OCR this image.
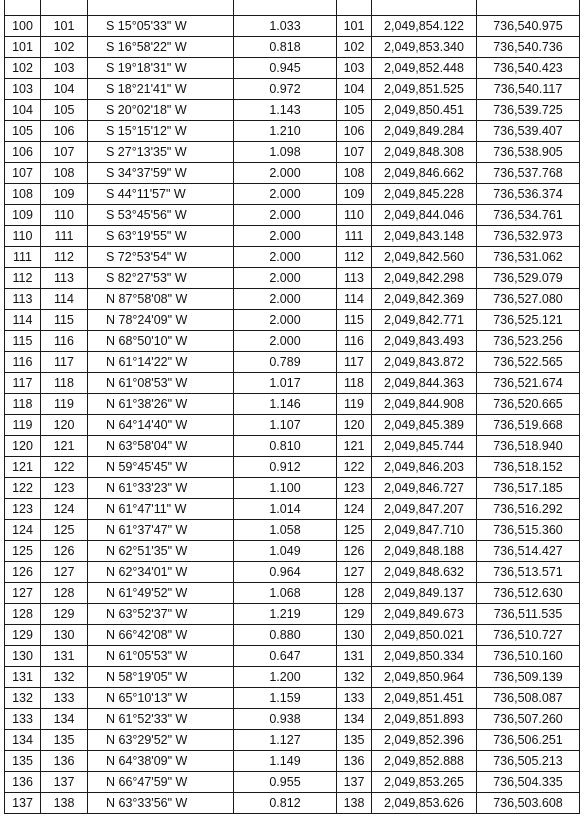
100	101	S 15°05'33" W	1.033	101	2,049,854.122	736,540.975
101	102	S 16°58'22" W	0.818	102	2,049,853.340	736,540.736
102	103	S 19°18'31" W	0.945	103	2,049,852.448	736,540.423
103	104	S 18°21'41" W	0.972	104	2,049,851.525	736,540.117
104	105	S 20°02'18" W	1.143	105	2,049,850.451	736,539.725
105	106	S 15°15'12" W	1.210	106	2,049,849.284	736,539.407
106	107	S 27°13'35" W	1.098	107	2,049,848.308	736,538.905
107	108	S 34°37'59" W	2.000	108	2,049,846.662	736,537.768
108	109	S 44°11'57" W	2.000	109	2,049,845.228	736,536.374
109	110	S 53°45'56" W	2.000	110	2,049,844.046	736,534.761
110	111	S 63°19'55" W	2.000	111	2,049,843.148	736,532.973
111	112	S 72°53'54" W	2.000	112	2,049,842.560	736,531.062
112	113	S 82°27'53" W	2.000	113	2,049,842.298	736,529.079
113	114	N 87°58'08" W	2.000	114	2,049,842.369	736,527.080
114	115	N 78°24'09" W	2.000	115	2,049,842.771	736,525.121
115	116	N 68°50'10" W	2.000	116	2,049,843.493	736,523.256
116	117	N 61°14'22" W	0.789	117	2,049,843.872	736,522.565
117	118	N 61°08'53" W	1.017	118	2,049,844.363	736,521.674
118	119	N 61°38'26" W	1.146	119	2,049,844.908	736,520.665
119	120	N 64°14'40" W	1.107	120	2,049,845.389	736,519.668
120	121	N 63°58'04" W	0.810	121	2,049,845.744	736,518.940
121	122	N 59°45'45" W	0.912	122	2,049,846.203	736,518.152
122	123	N 61°33'23" W	1.100	123	2,049,846.727	736,517.185
123	124	N 61°47'11" W	1.014	124	2,049,847.207	736,516.292
124	125	N 61°37'47" W	1.058	125	2,049,847.710	736,515.360
125	126	N 62°51'35" W	1.049	126	2,049,848.188	736,514.427
126	127	N 62°34'01" W	0.964	127	2,049,848.632	736,513.571
127	128	N 61°49'52" W	1.068	128	2,049,849.137	736,512.630
128	129	N 63°52'37" W	1.219	129	2,049,849.673	736,511.535
129	130	N 66°42'08" W	0.880	130	2,049,850.021	736,510.727
130	131	N 61°05'53" W	0.647	131	2,049,850.334	736,510.160
131	132	N 58°19'05" W	1.200	132	2,049,850.964	736,509.139
132	133	N 65°10'13" W	1.159	133	2,049,851.451	736,508.087
133	134	N 61°52'33" W	0.938	134	2,049,851.893	736,507.260
134	135	N 63°29'52" W	1.127	135	2,049,852.396	736,506.251
135	136	N 64°38'09" W	1.149	136	2,049,852.888	736,505.213
136	137	N 66°47'59" W	0.955	137	2,049,853.265	736,504.335
137	138	N 63°33'56" W	0.812	138	2,049,853.626	736,503.608
